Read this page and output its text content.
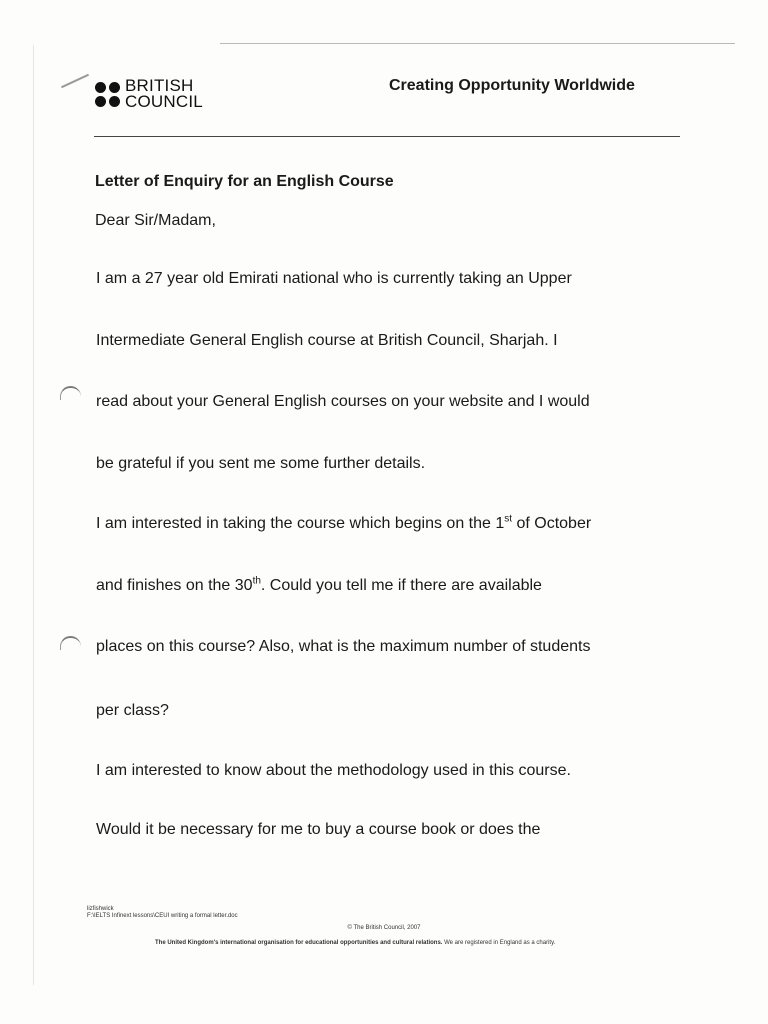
BRITISH
COUNCIL
Creating Opportunity Worldwide
Letter of Enquiry for an English Course
Dear Sir/Madam,
I am a 27 year old Emirati national who is currently taking an Upper
Intermediate General English course at British Council, Sharjah. I
read about your General English courses on your website and I would
be grateful if you sent me some further details.
I am interested in taking the course which begins on the 1st of October
and finishes on the 30th. Could you tell me if there are available
places on this course? Also, what is the maximum number of students
per class?
I am interested to know about the methodology used in this course.
Would it be necessary for me to buy a course book or does the
lizfishwick
F:\IELTS Infinext lessons\CEUI writing a formal letter.doc
© The British Council, 2007
The United Kingdom's international organisation for educational opportunities and cultural relations. We are registered in England as a charity.
